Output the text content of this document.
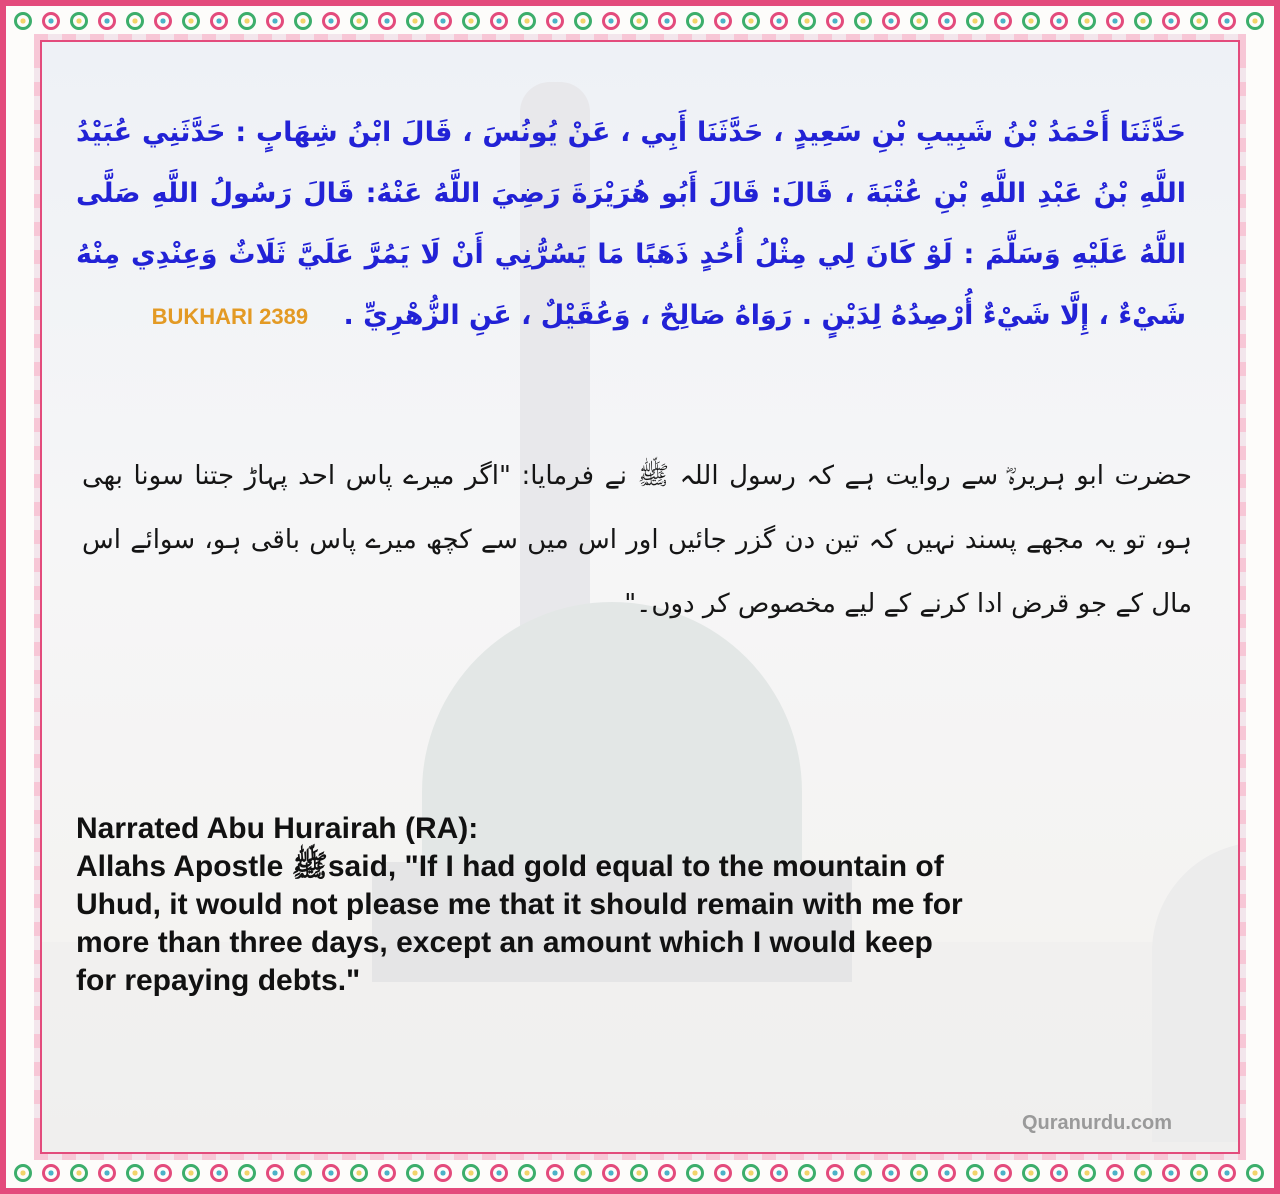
حَدَّثَنَا أَحْمَدُ بْنُ شَبِيبِ بْنِ سَعِيدٍ ، حَدَّثَنَا أَبِي ، عَنْ يُونُسَ ، قَالَ ابْنُ شِهَابٍ : حَدَّثَنِي عُبَيْدُ اللَّهِ بْنُ عَبْدِ اللَّهِ بْنِ عُتْبَةَ ، قَالَ: قَالَ أَبُو هُرَيْرَةَ رَضِيَ اللَّهُ عَنْهُ: قَالَ رَسُولُ اللَّهِ صَلَّى اللَّهُ عَلَيْهِ وَسَلَّمَ : لَوْ كَانَ لِي مِثْلُ أُحُدٍ ذَهَبًا مَا يَسُرُّنِي أَنْ لَا يَمُرَّ عَلَيَّ ثَلَاثٌ وَعِنْدِي مِنْهُ شَيْءٌ ، إِلَّا شَيْءٌ أُرْصِدُهُ لِدَيْنٍ . رَوَاهُ صَالِحٌ ، وَعُقَيْلٌ ، عَنِ الزُّهْرِيِّ . BUKHARI 2389
حضرت ابو ہریرہؓ سے روایت ہے کہ رسول اللہ ﷺ نے فرمایا: "اگر میرے پاس احد پہاڑ جتنا سونا بھی ہو، تو یہ مجھے پسند نہیں کہ تین دن گزر جائیں اور اس میں سے کچھ میرے پاس باقی ہو، سوائے اس مال کے جو قرض ادا کرنے کے لیے مخصوص کر دوں۔"
Narrated Abu Hurairah (RA):
Allahs Apostle ﷺsaid, "If I had gold equal to the mountain of
Uhud, it would not please me that it should remain with me for
more than three days, except an amount which I would keep
for repaying debts."
Quranurdu.com
